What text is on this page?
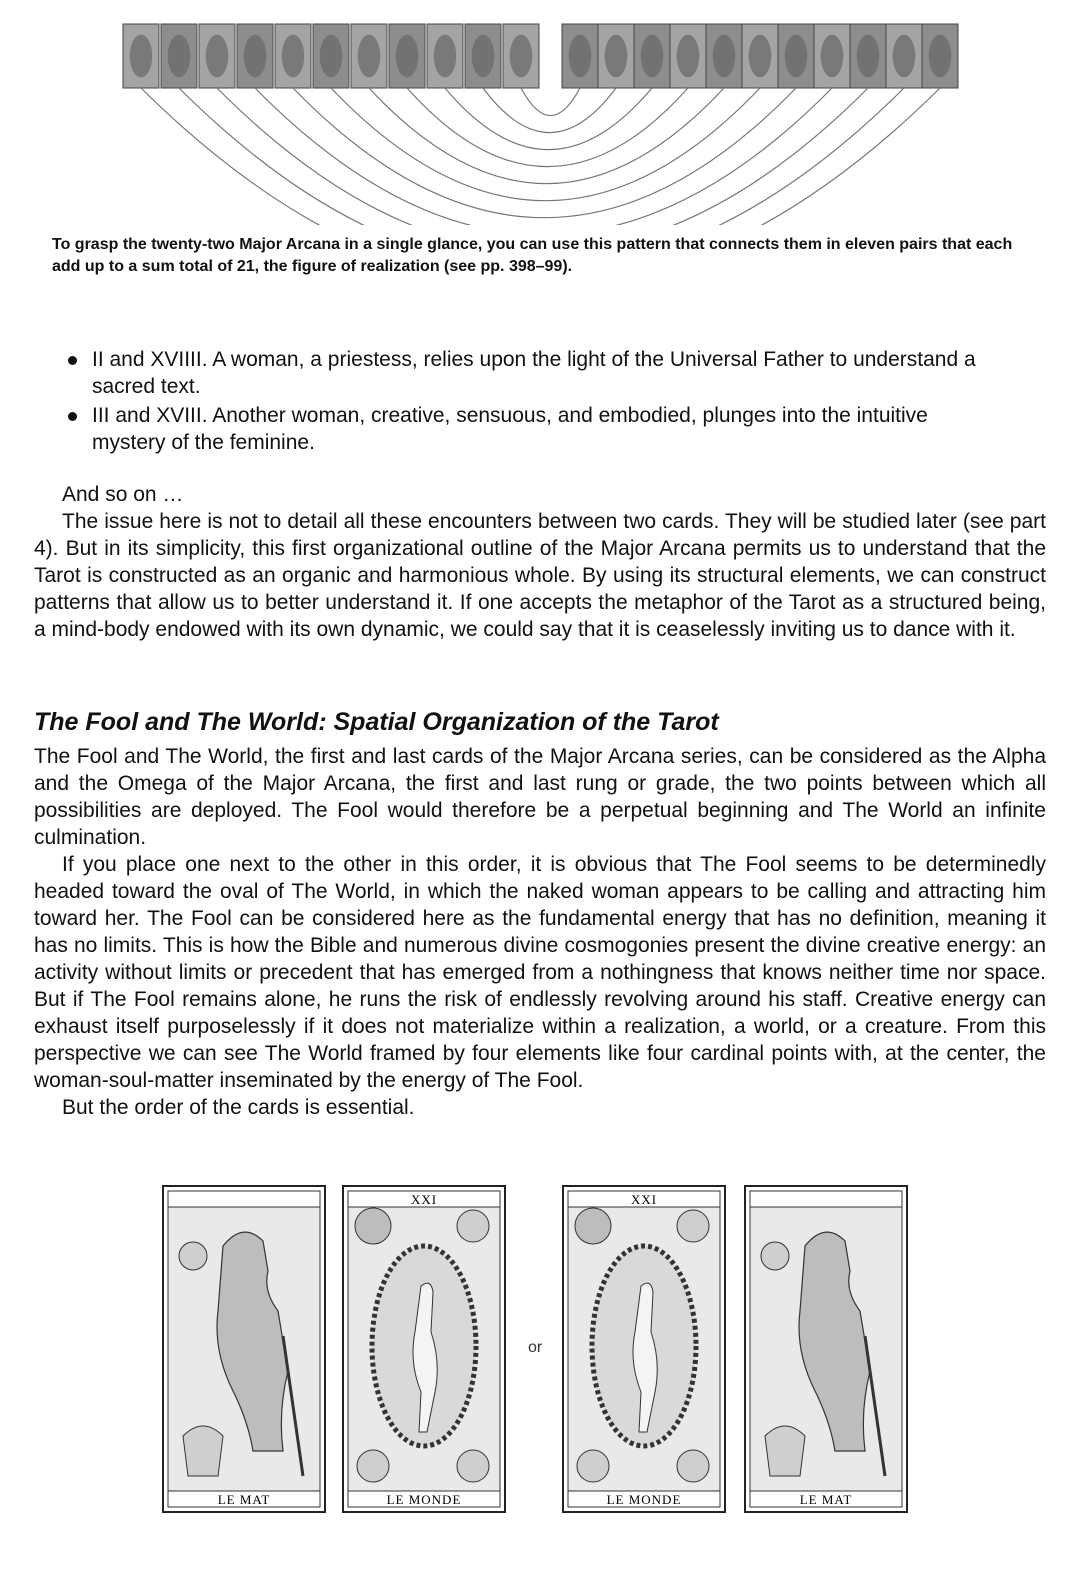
To grasp the twenty-two Major Arcana in a single glance, you can use this pattern that connects them in eleven pairs that each add up to a sum total of 21, the figure of realization (see pp. 398–99).
II and XVIIII. A woman, a priestess, relies upon the light of the Universal Father to understand a sacred text.
III and XVIII. Another woman, creative, sensuous, and embodied, plunges into the intuitive mystery of the feminine.

And so on …

The issue here is not to detail all these encounters between two cards. They will be studied later (see part 4). But in its simplicity, this first organizational outline of the Major Arcana permits us to understand that the Tarot is constructed as an organic and harmonious whole. By using its structural elements, we can construct patterns that allow us to better understand it. If one accepts the metaphor of the Tarot as a structured being, a mind-body endowed with its own dynamic, we could say that it is ceaselessly inviting us to dance with it.

The Fool and The World: Spatial Organization of the Tarot

The Fool and The World, the first and last cards of the Major Arcana series, can be considered as the Alpha and the Omega of the Major Arcana, the first and last rung or grade, the two points between which all possibilities are deployed. The Fool would therefore be a perpetual beginning and The World an infinite culmination.

If you place one next to the other in this order, it is obvious that The Fool seems to be determinedly headed toward the oval of The World, in which the naked woman appears to be calling and attracting him toward her. The Fool can be considered here as the fundamental energy that has no definition, meaning it has no limits. This is how the Bible and numerous divine cosmogonies present the divine creative energy: an activity without limits or precedent that has emerged from a nothingness that knows neither time nor space. But if The Fool remains alone, he runs the risk of endlessly revolving around his staff. Creative energy can exhaust itself purposelessly if it does not materialize within a realization, a world, or a creature. From this perspective we can see The World framed by four elements like four cardinal points with, at the center, the woman-soul-matter inseminated by the energy of The Fool.

But the order of the cards is essential.

LE MAT
XXI
LE MONDE
XXI
LE MONDE	LE MAT
or
